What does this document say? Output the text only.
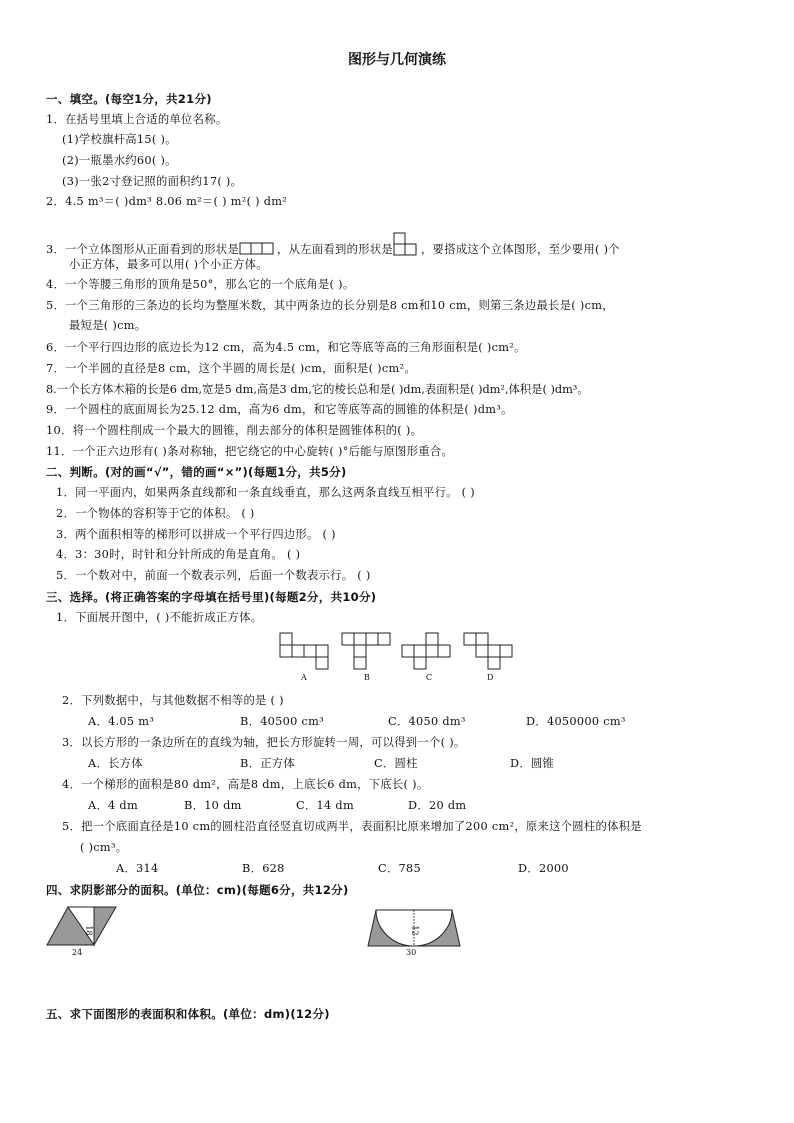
图形与几何演练
一、填空。(每空1分，共21分)
1．在括号里填上合适的单位名称。
(1)学校旗杆高15( )。
(2)一瓶墨水约60( )。
(3)一张2寸登记照的面积约17( )。
2．4.5 m³＝( )dm³ 8.06 m²＝( ) m²( ) dm²
3．一个立体图形从正面看到的形状是	，从左面看到的形状是 ，要搭成这个立体图形，至少要用( )个
小正方体，最多可以用( )个小正方体。
4．一个等腰三角形的顶角是50°，那么它的一个底角是( )。
5．一个三角形的三条边的长均为整厘米数，其中两条边的长分别是8 cm和10 cm，则第三条边最长是( )cm，
最短是( )cm。
6．一个平行四边形的底边长为12 cm，高为4.5 cm，和它等底等高的三角形面积是( )cm²。
7．一个半圆的直径是8 cm，这个半圆的周长是( )cm，面积是( )cm²。
8.一个长方体木箱的长是6 dm,宽是5 dm,高是3 dm,它的棱长总和是( )dm,表面积是( )dm²,体积是( )dm³。
9．一个圆柱的底面周长为25.12 dm，高为6 dm，和它等底等高的圆锥的体积是( )dm³。
10．将一个圆柱削成一个最大的圆锥，削去部分的体积是圆锥体积的( )。
11．一个正六边形有( )条对称轴，把它绕它的中心旋转( )°后能与原图形重合。
二、判断。(对的画“√”，错的画“×”)(每题1分，共5分)
1．同一平面内，如果两条直线都和一条直线垂直，那么这两条直线互相平行。 ( )
2．一个物体的容积等于它的体积。 ( )
3．两个面积相等的梯形可以拼成一个平行四边形。 ( )
4．3：30时，时针和分针所成的角是直角。 ( )
5．一个数对中，前面一个数表示列，后面一个数表示行。 ( )
三、选择。(将正确答案的字母填在括号里)(每题2分，共10分)
1．下面展开图中，( )不能折成正方体。
A	B	C	D
2．下列数据中，与其他数据不相等的是 ( )
A．4.05 m³	B．40500 cm³	C．4050 dm³	D．4050000 cm³
3．以长方形的一条边所在的直线为轴，把长方形旋转一周，可以得到一个( )。
A．长方体	B．正方体	C．圆柱	D．圆锥
4．一个梯形的面积是80 dm²，高是8 dm，上底长6 dm，下底长( )。
A．4 dm	B．10 dm	C．14 dm	D．20 dm
5．把一个底面直径是10 cm的圆柱沿直径竖直切成两半，表面积比原来增加了200 cm²，原来这个圆柱的体积是
( )cm³。
A．314	B．628	C．785	D．2000
四、求阴影部分的面积。(单位：cm)(每题6分，共12分)
18
24
12
30
五、求下面图形的表面积和体积。(单位：dm)(12分)
